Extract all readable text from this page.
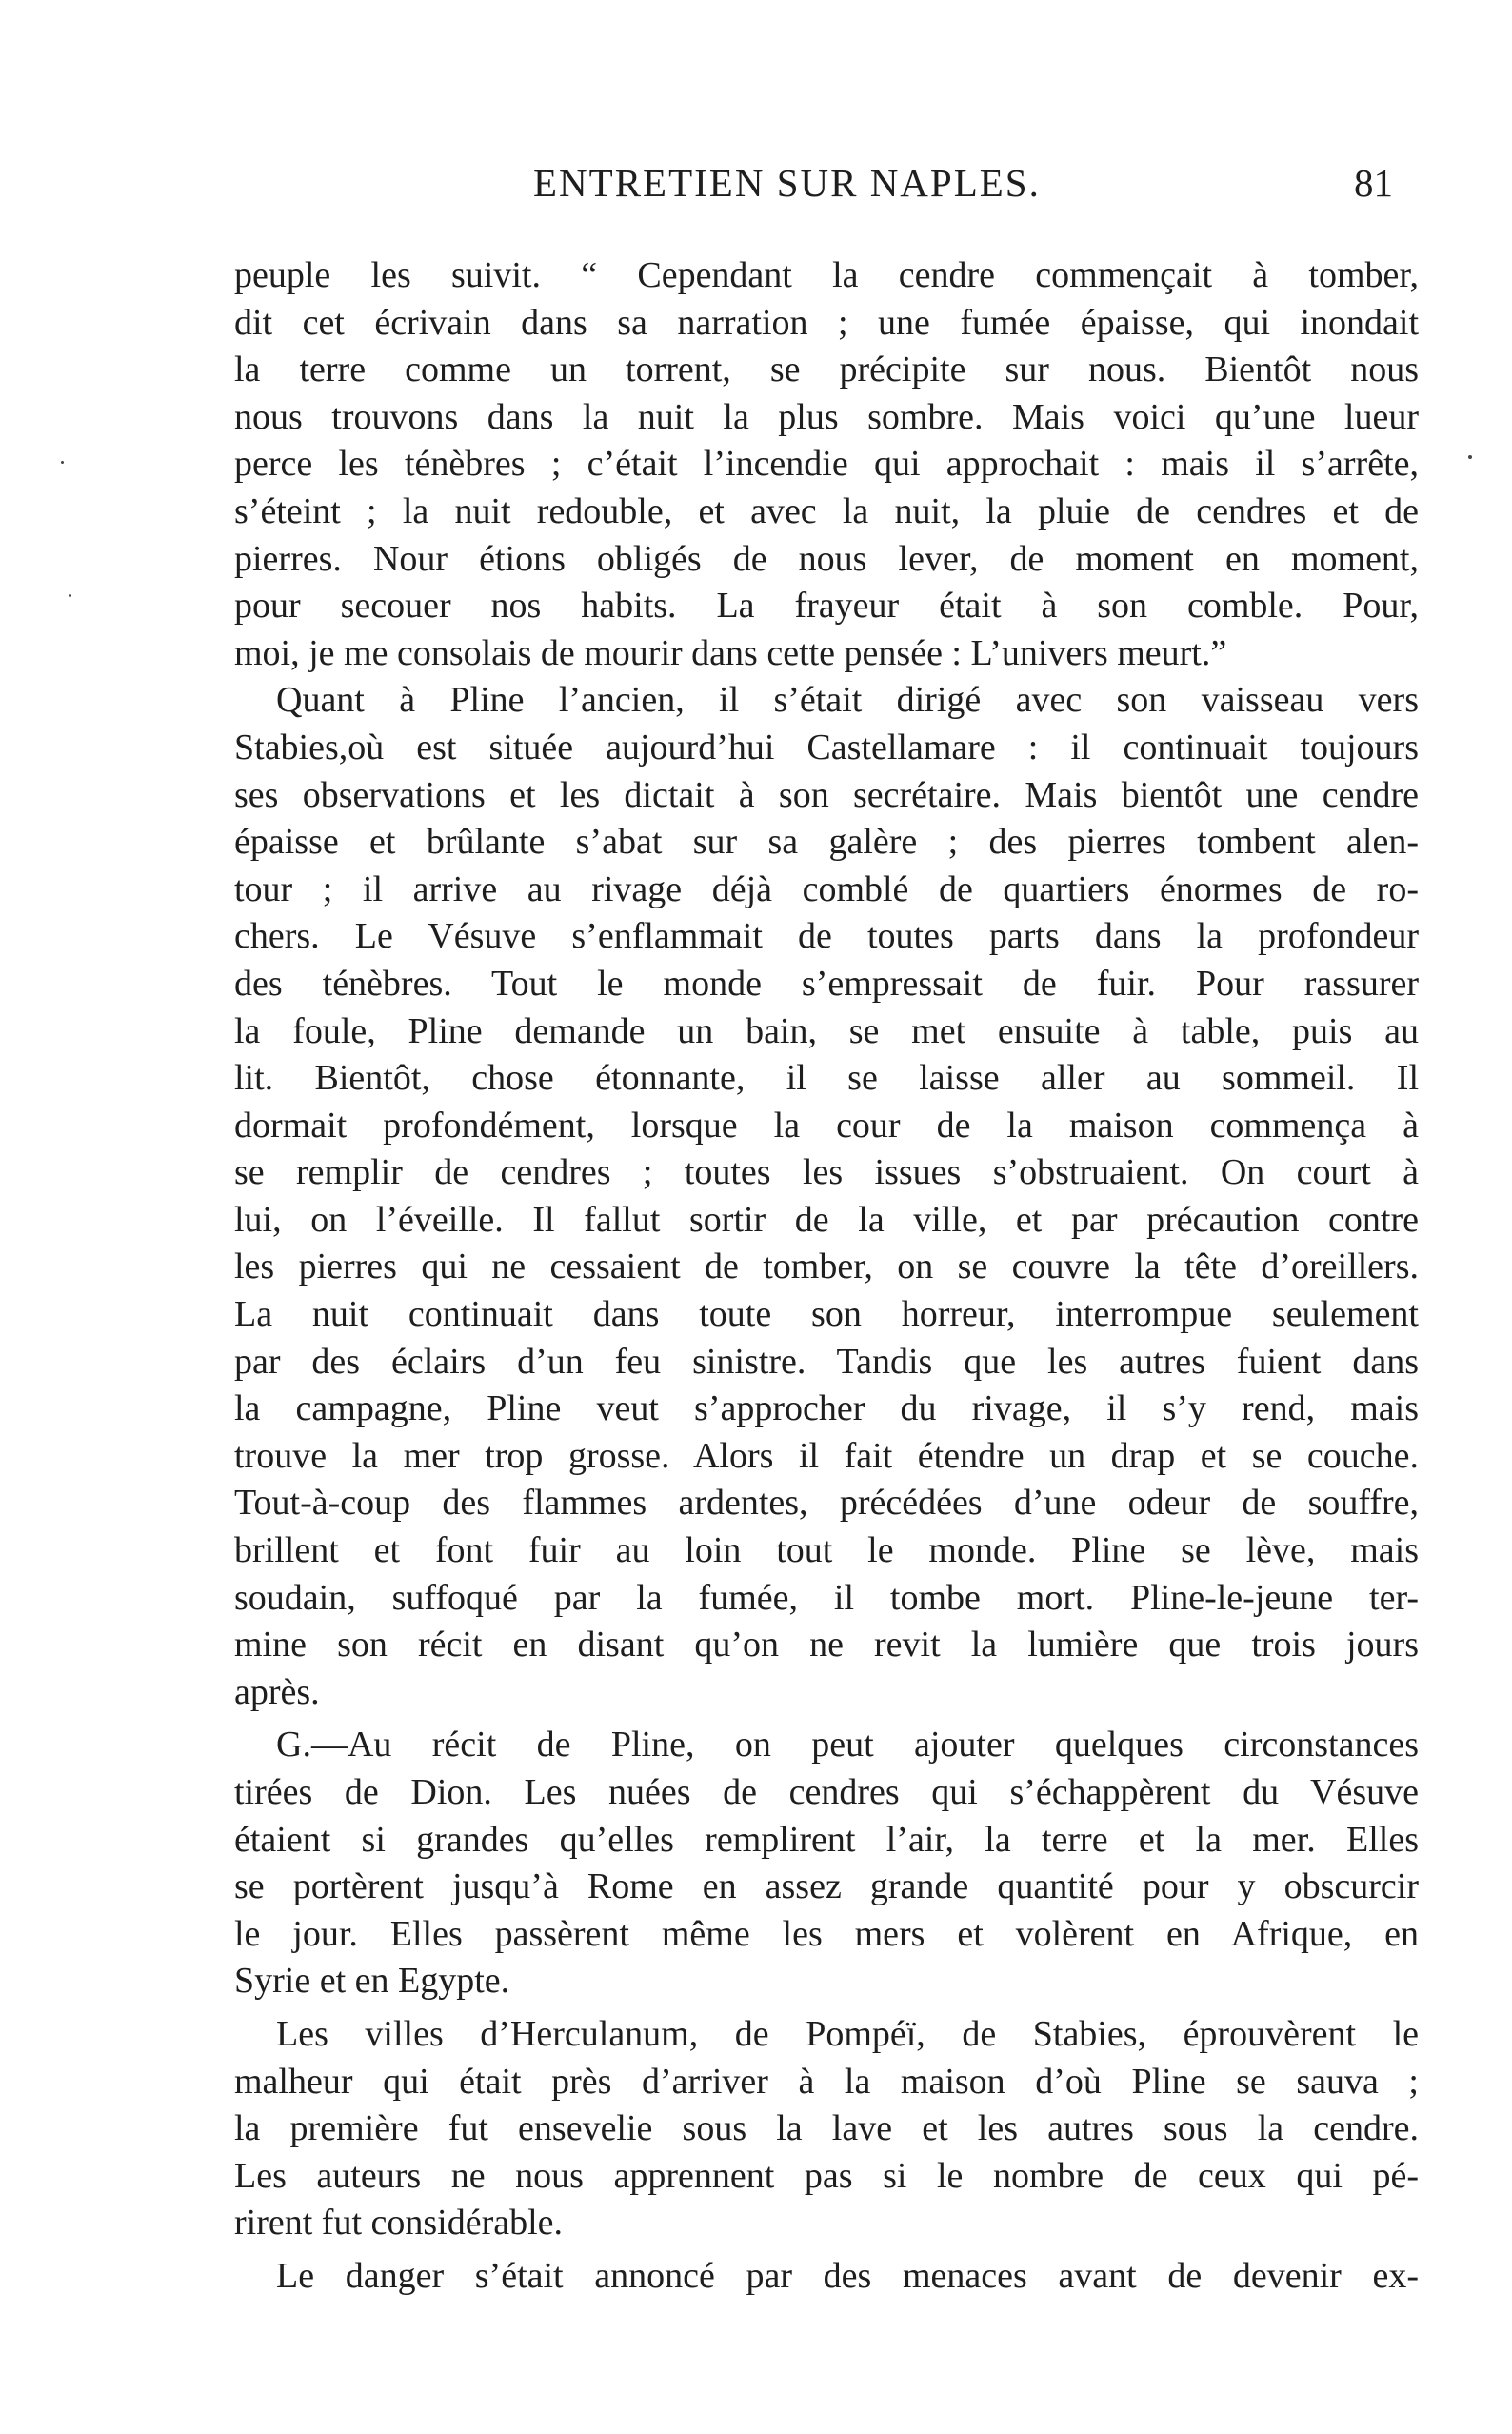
ENTRETIEN SUR NAPLES.	81
peuple les suivit. “ Cependant la cendre commençait à tomber,
dit cet écrivain dans sa narration ; une fumée épaisse, qui inondait
la terre comme un torrent, se précipite sur nous. Bientôt nous
nous trouvons dans la nuit la plus sombre. Mais voici qu’une lueur
perce les ténèbres ; c’était l’incendie qui approchait : mais il s’arrête,
s’éteint ; la nuit redouble, et avec la nuit, la pluie de cendres et de
pierres. Nour étions obligés de nous lever, de moment en moment,
pour secouer nos habits. La frayeur était à son comble. Pour,
moi, je me consolais de mourir dans cette pensée : L’univers meurt.”
Quant à Pline l’ancien, il s’était dirigé avec son vaisseau vers
Stabies,où est située aujourd’hui Castellamare : il continuait toujours
ses observations et les dictait à son secrétaire. Mais bientôt une cendre
épaisse et brûlante s’abat sur sa galère ; des pierres tombent alen-
tour ; il arrive au rivage déjà comblé de quartiers énormes de ro-
chers. Le Vésuve s’enflammait de toutes parts dans la profondeur
des ténèbres. Tout le monde s’empressait de fuir. Pour rassurer
la foule, Pline demande un bain, se met ensuite à table, puis au
lit. Bientôt, chose étonnante, il se laisse aller au sommeil. Il
dormait profondément, lorsque la cour de la maison commença à
se remplir de cendres ; toutes les issues s’obstruaient. On court à
lui, on l’éveille. Il fallut sortir de la ville, et par précaution contre
les pierres qui ne cessaient de tomber, on se couvre la tête d’oreillers.
La nuit continuait dans toute son horreur, interrompue seulement
par des éclairs d’un feu sinistre. Tandis que les autres fuient dans
la campagne, Pline veut s’approcher du rivage, il s’y rend, mais
trouve la mer trop grosse. Alors il fait étendre un drap et se couche.
Tout-à-coup des flammes ardentes, précédées d’une odeur de souffre,
brillent et font fuir au loin tout le monde. Pline se lève, mais
soudain, suffoqué par la fumée, il tombe mort. Pline-le-jeune ter-
mine son récit en disant qu’on ne revit la lumière que trois jours
après.
G.—Au récit de Pline, on peut ajouter quelques circonstances
tirées de Dion. Les nuées de cendres qui s’échappèrent du Vésuve
étaient si grandes qu’elles remplirent l’air, la terre et la mer. Elles
se portèrent jusqu’à Rome en assez grande quantité pour y obscurcir
le jour. Elles passèrent même les mers et volèrent en Afrique, en
Syrie et en Egypte.
Les villes d’Herculanum, de Pompéï, de Stabies, éprouvèrent le
malheur qui était près d’arriver à la maison d’où Pline se sauva ;
la première fut ensevelie sous la lave et les autres sous la cendre.
Les auteurs ne nous apprennent pas si le nombre de ceux qui pé-
rirent fut considérable.
Le danger s’était annoncé par des menaces avant de devenir ex-
